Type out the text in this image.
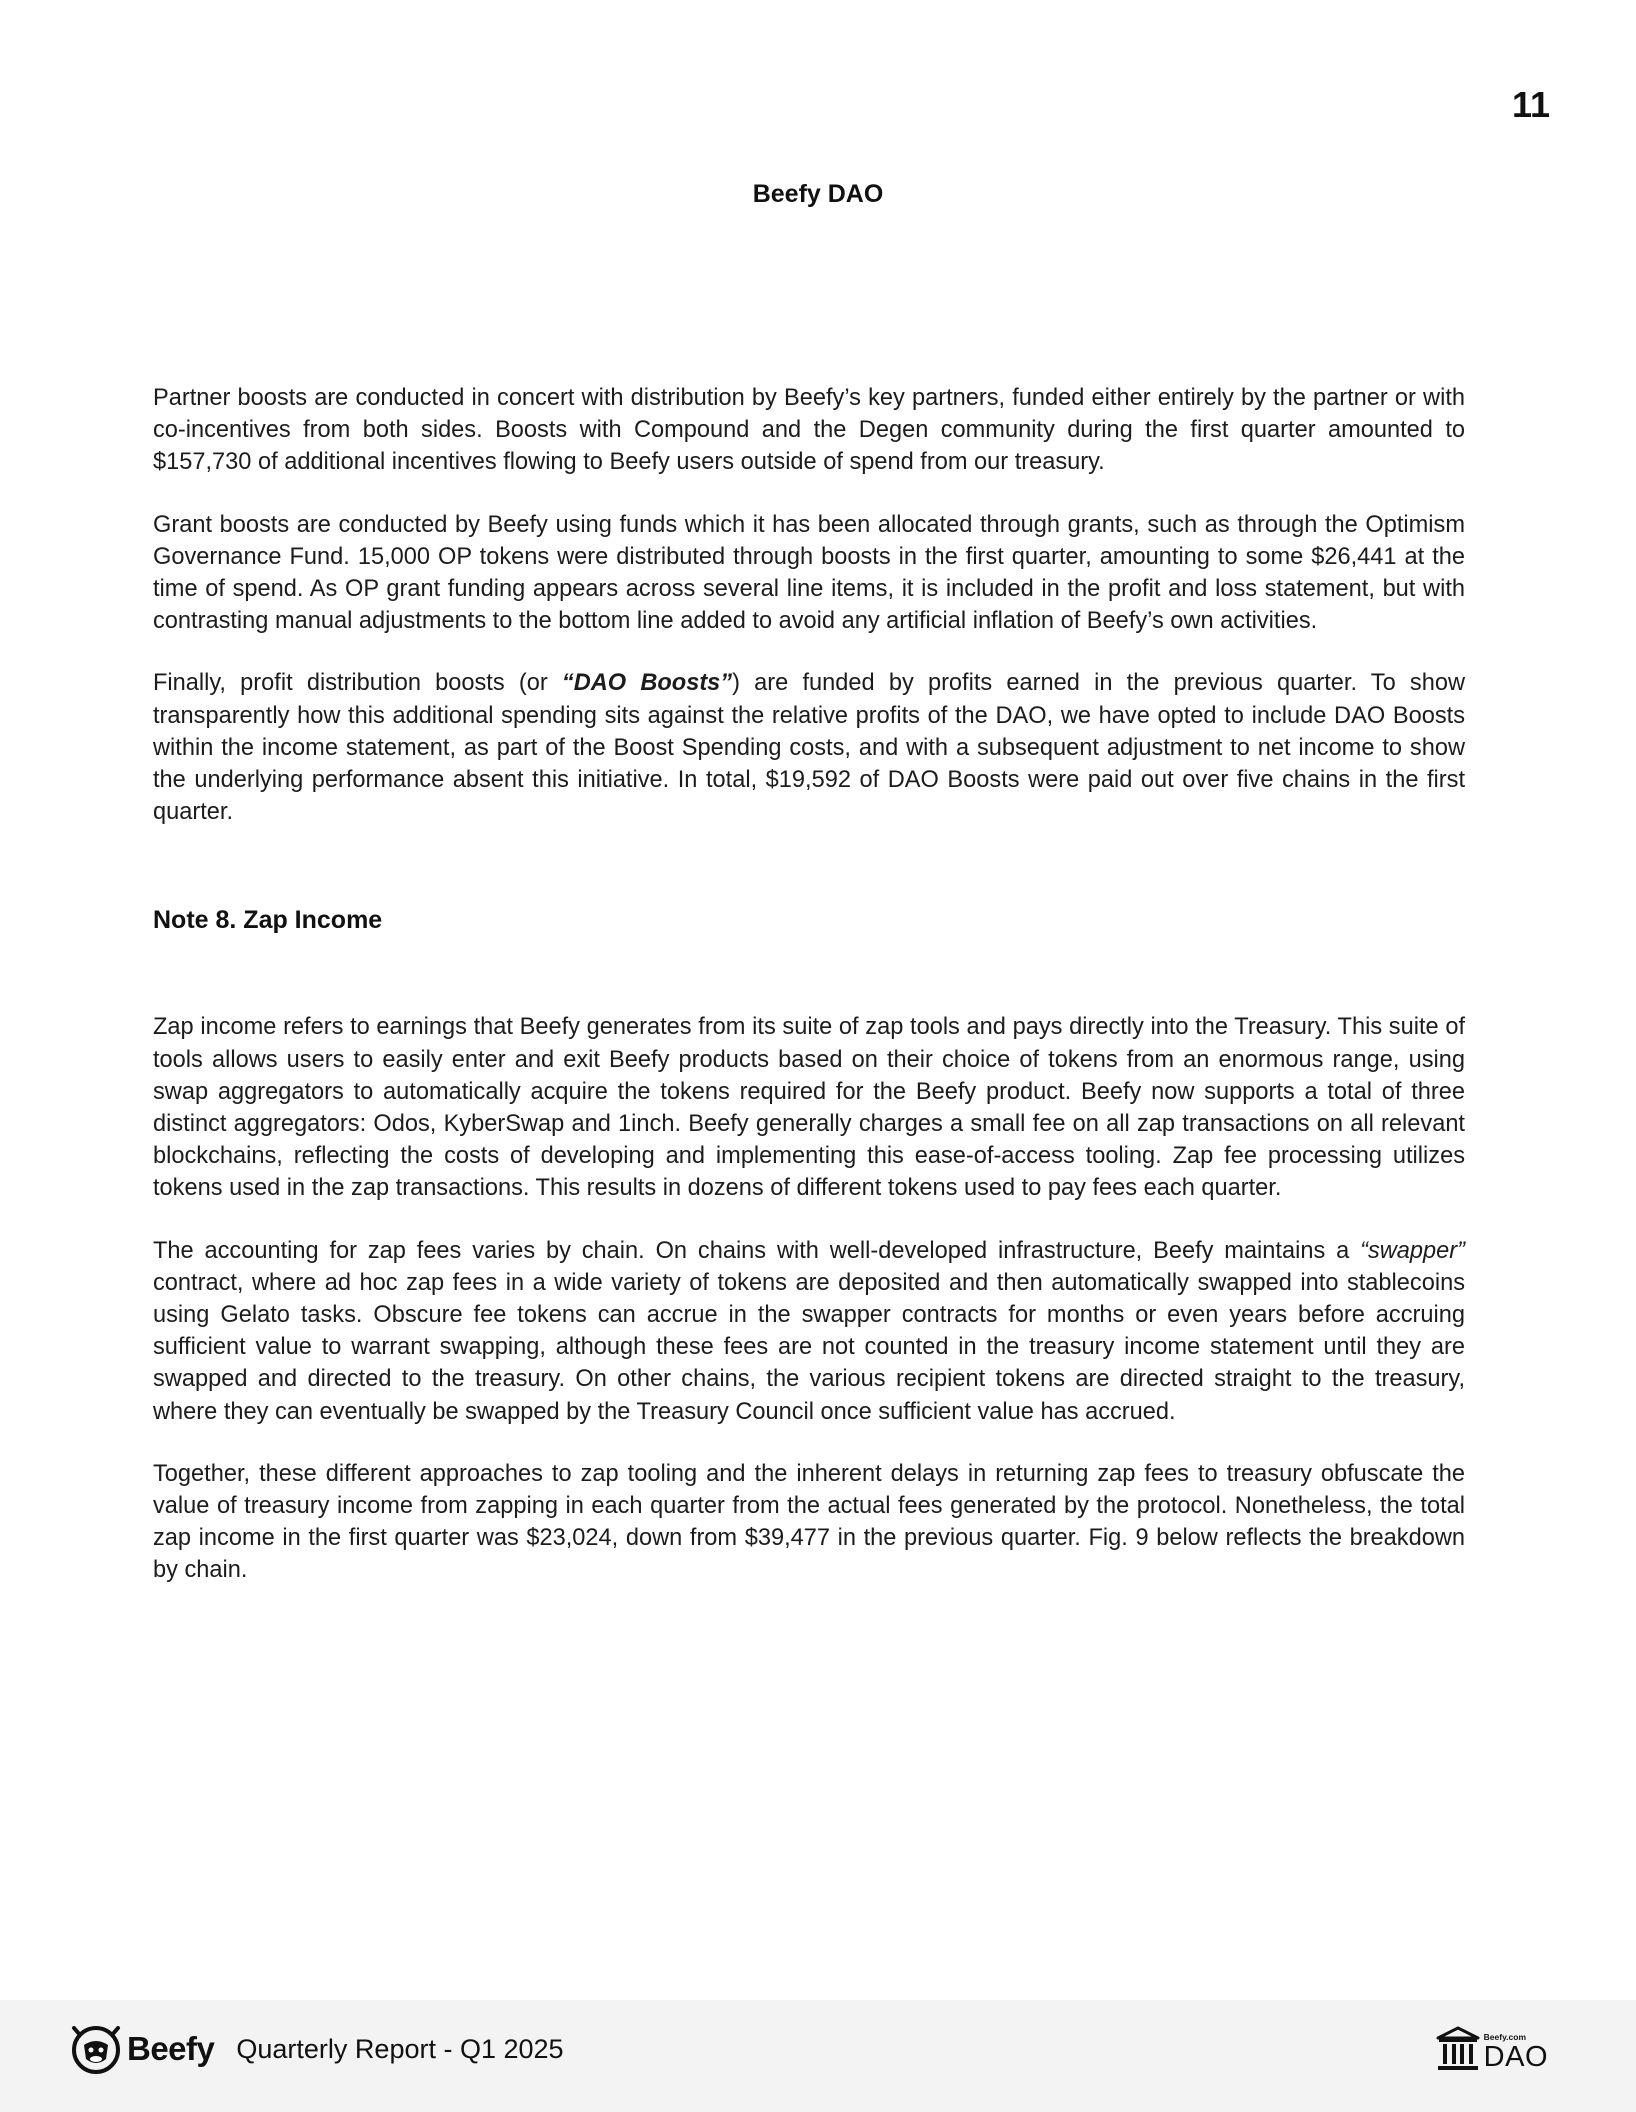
11
Beefy DAO

Partner boosts are conducted in concert with distribution by Beefy’s key partners, funded either entirely by the partner or with co-incentives from both sides. Boosts with Compound and the Degen community during the first quarter amounted to $157,730 of additional incentives flowing to Beefy users outside of spend from our treasury.

Grant boosts are conducted by Beefy using funds which it has been allocated through grants, such as through the Optimism Governance Fund. 15,000 OP tokens were distributed through boosts in the first quarter, amounting to some $26,441 at the time of spend. As OP grant funding appears across several line items, it is included in the profit and loss statement, but with contrasting manual adjustments to the bottom line added to avoid any artificial inflation of Beefy’s own activities.

Finally, profit distribution boosts (or “DAO Boosts”) are funded by profits earned in the previous quarter. To show transparently how this additional spending sits against the relative profits of the DAO, we have opted to include DAO Boosts within the income statement, as part of the Boost Spending costs, and with a subsequent adjustment to net income to show the underlying performance absent this initiative. In total, $19,592 of DAO Boosts were paid out over five chains in the first quarter.

Note 8. Zap Income

Zap income refers to earnings that Beefy generates from its suite of zap tools and pays directly into the Treasury. This suite of tools allows users to easily enter and exit Beefy products based on their choice of tokens from an enormous range, using swap aggregators to automatically acquire the tokens required for the Beefy product. Beefy now supports a total of three distinct aggregators: Odos, KyberSwap and 1inch. Beefy generally charges a small fee on all zap transactions on all relevant blockchains, reflecting the costs of developing and implementing this ease-of-access tooling. Zap fee processing utilizes tokens used in the zap transactions. This results in dozens of different tokens used to pay fees each quarter.

The accounting for zap fees varies by chain. On chains with well-developed infrastructure, Beefy maintains a “swapper” contract, where ad hoc zap fees in a wide variety of tokens are deposited and then automatically swapped into stablecoins using Gelato tasks. Obscure fee tokens can accrue in the swapper contracts for months or even years before accruing sufficient value to warrant swapping, although these fees are not counted in the treasury income statement until they are swapped and directed to the treasury. On other chains, the various recipient tokens are directed straight to the treasury, where they can eventually be swapped by the Treasury Council once sufficient value has accrued.

Together, these different approaches to zap tooling and the inherent delays in returning zap fees to treasury obfuscate the value of treasury income from zapping in each quarter from the actual fees generated by the protocol. Nonetheless, the total zap income in the first quarter was $23,024, down from $39,477 in the previous quarter. Fig. 9 below reflects the breakdown by chain.

Beefy Quarterly Report - Q1 2025	Beefy.com
DAO
